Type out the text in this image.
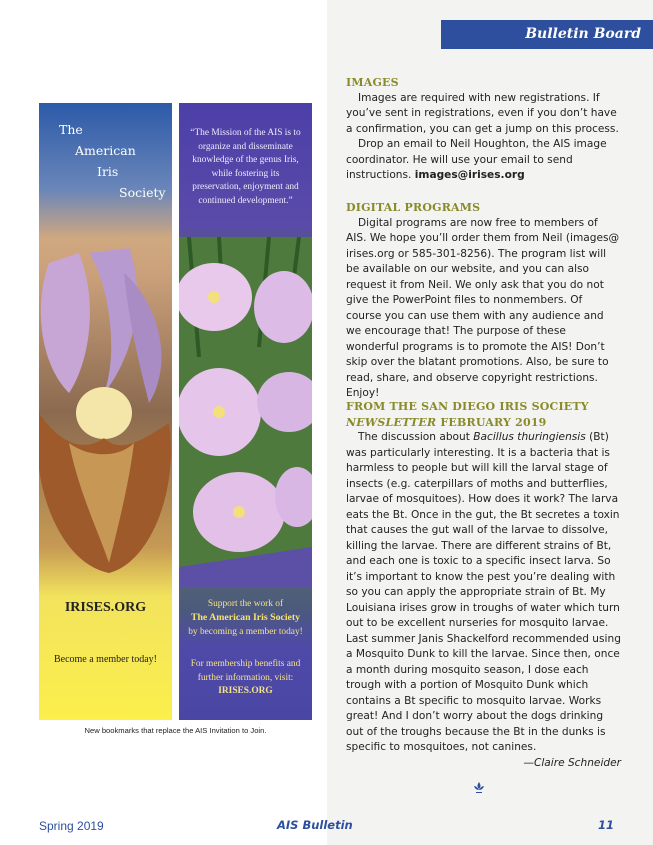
Bulletin Board
IMAGES

Images are required with new registrations. If you’ve sent in registrations, even if you don’t have a confirmation, you can get a jump on this process.

Drop an email to Neil Houghton, the AIS image coordinator. He will use your email to send instructions. images@irises.org

DIGITAL PROGRAMS

Digital programs are now free to members of AIS. We hope you’ll order them from Neil (images@ irises.org or 585-301-8256). The program list will be available on our website, and you can also request it from Neil. We only ask that you do not give the PowerPoint files to nonmembers. Of course you can use them with any audience and we encourage that! The purpose of these wonderful programs is to promote the AIS! Don’t skip over the blatant promotions. Also, be sure to read, share, and observe copyright restrictions. Enjoy!

FROM THE SAN DIEGO IRIS SOCIETY
NEWSLETTER FEBRUARY 2019

The discussion about Bacillus thuringiensis (Bt) was particularly interesting. It is a bacteria that is harmless to people but will kill the larval stage of insects (e.g. caterpillars of moths and butterflies, larvae of mosquitoes). How does it work? The larva eats the Bt. Once in the gut, the Bt secretes a toxin that causes the gut wall of the larvae to dissolve, killing the larvae. There are different strains of Bt, and each one is toxic to a specific insect larva. So it’s important to know the pest you’re dealing with so you can apply the appropriate strain of Bt. My Louisiana irises grow in troughs of water which turn out to be excellent nurseries for mosquito larvae. Last summer Janis Shackelford recommended using a Mosquito Dunk to kill the larvae. Since then, once a month during mosquito season, I dose each trough with a portion of Mosquito Dunk which contains a Bt specific to mosquito larvae. Works great! And I don’t worry about the dogs drinking out of the troughs because the Bt in the dunks is specific to mosquitoes, not canines.

—Claire Schneider

The
American
Iris
Society
IRISES.ORG
Become a member today!
“The Mission of the AIS is to organize and disseminate knowledge of the genus Iris, while fostering its preservation, enjoyment and continued development.”
Support the work of
The American Iris Society
by becoming a member today!
For membership benefits and further information, visit:
IRISES.ORG
New bookmarks that replace the AIS Invitation to Join.
Spring 2019	AIS Bulletin	11
